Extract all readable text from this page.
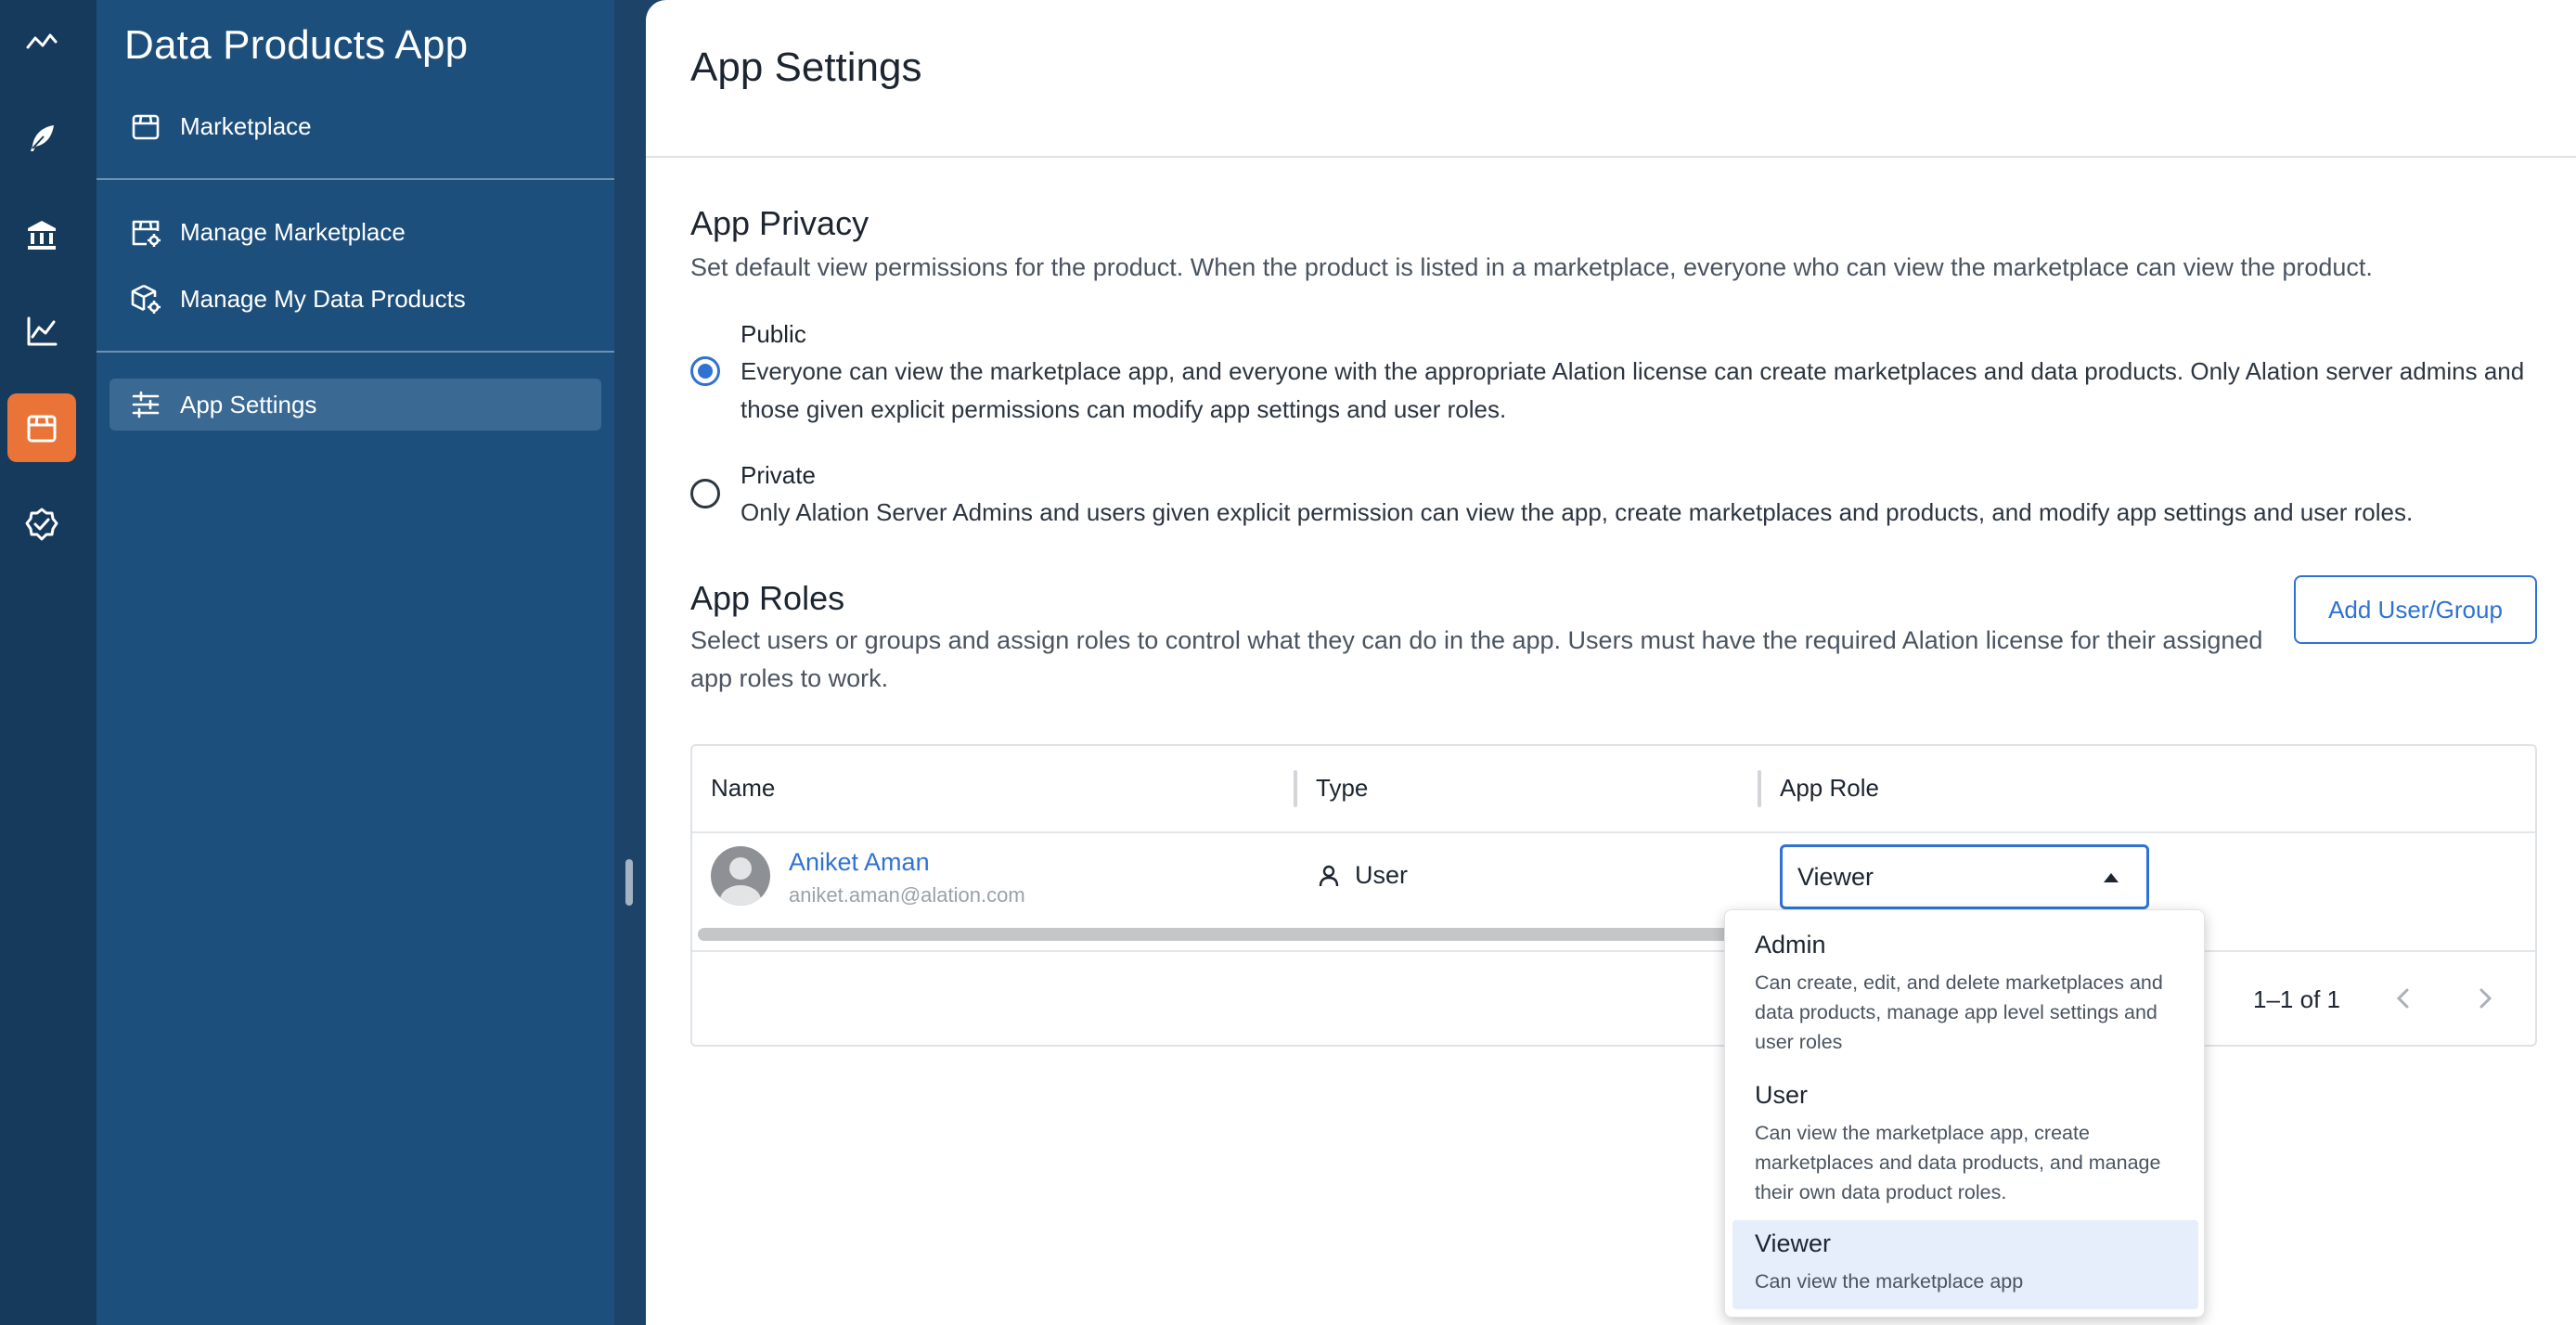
Data Products App
Marketplace
Manage Marketplace
Manage My Data Products
App Settings
App Settings
App Privacy
Set default view permissions for the product. When the product is listed in a marketplace, everyone who can view the marketplace can view the product.
Public
Everyone can view the marketplace app, and everyone with the appropriate Alation license can create marketplaces and data products. Only Alation server admins and those given explicit permissions can modify app settings and user roles.
Private
Only Alation Server Admins and users given explicit permission can view the app, create marketplaces and products, and modify app settings and user roles.
App Roles
Select users or groups and assign roles to control what they can do in the app. Users must have the required Alation license for their assigned app roles to work.
Add User/Group
Name	Type	App Role
Aniket Aman
aniket.aman@alation.com
User	Viewer
1–1 of 1
Admin
Can create, edit, and delete marketplaces and data products, manage app level settings and user roles
User
Can view the marketplace app, create marketplaces and data products, and manage their own data product roles.
Viewer
Can view the marketplace app
